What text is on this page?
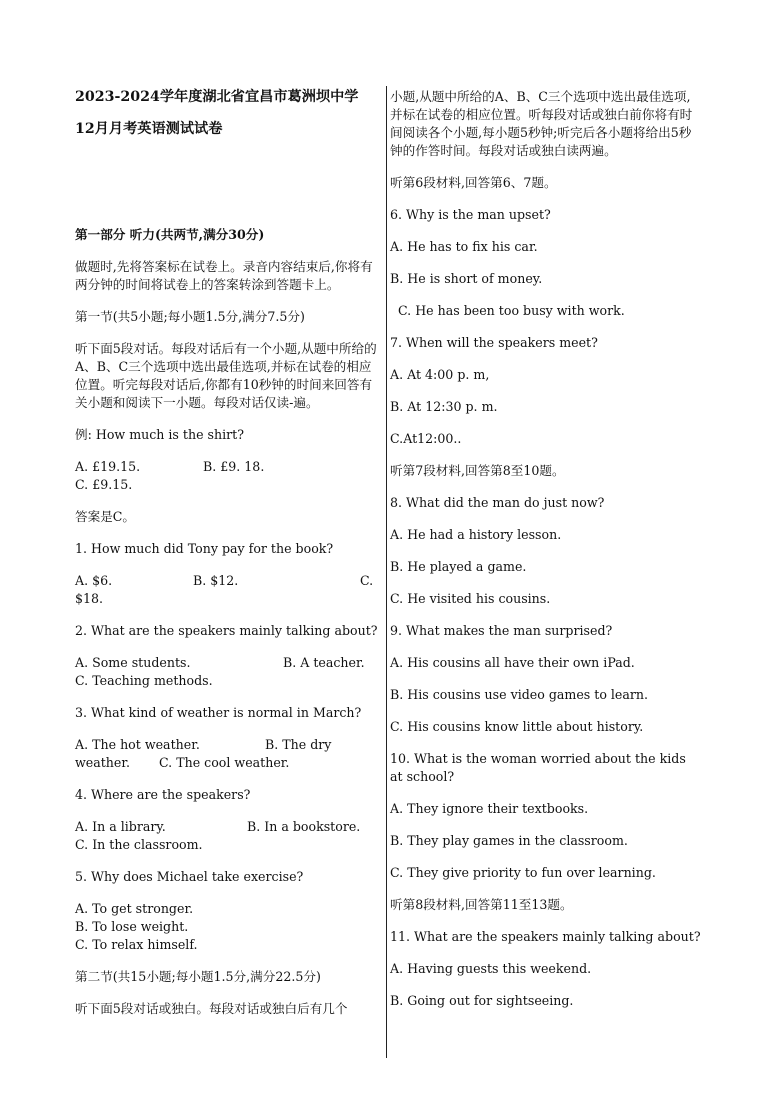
2023-2024学年度湖北省宜昌市葛洲坝中学
12月月考英语测试试卷

第一部分 听力(共两节,满分30分)

做题时,先将答案标在试卷上。录音内容结束后,你将有两分钟的时间将试卷上的答案转涂到答题卡上。

第一节(共5小题;每小题1.5分,满分7.5分)

听下面5段对话。每段对话后有一个小题,从题中所给的A、B、C三个选项中选出最佳选项,并标在试卷的相应位置。听完每段对话后,你都有10秒钟的时间来回答有关小题和阅读下一小题。每段对话仅读-遍。

例: How much is the shirt?

A. £19.15.	B. £9. 18.
C. £9.15.

答案是C。

1. How much did Tony pay for the book?

A. $6.	B. $12.	C.
$18.

2. What are the speakers mainly talking about?

A. Some students.	B. A teacher.
C. Teaching methods.

3. What kind of weather is normal in March?

A. The hot weather.	B. The dry
weather. C. The cool weather.

4. Where are the speakers?

A. In a library.	B. In a bookstore.
C. In the classroom.

5. Why does Michael take exercise?

A. To get stronger.B. To lose weight.
C. To relax himself.

第二节(共15小题;每小题1.5分,满分22.5分)

听下面5段对话或独白。每段对话或独白后有几个

小题,从题中所给的A、B、C三个选项中选出最佳选项,并标在试卷的相应位置。听每段对话或独白前你将有时间阅读各个小题,每小题5秒钟;听完后各小题将给出5秒钟的作答时间。每段对话或独白读两遍。

听第6段材料,回答第6、7题。

6. Why is the man upset?

A. He has to fix his car.

B. He is short of money.

C. He has been too busy with work.

7. When will the speakers meet?

A. At 4:00 p. m,

B. At 12:30 p. m.

C.At12:00..

听第7段材料,回答第8至10题。

8. What did the man do just now?

A. He had a history lesson.

B. He played a game.

C. He visited his cousins.

9. What makes the man surprised?

A. His cousins all have their own iPad.

B. His cousins use video games to learn.

C. His cousins know little about history.

10. What is the woman worried about the kids at school?

A. They ignore their textbooks.

B. They play games in the classroom.

C. They give priority to fun over learning.

听第8段材料,回答第11至13题。

11. What are the speakers mainly talking about?

A. Having guests this weekend.

B. Going out for sightseeing.
